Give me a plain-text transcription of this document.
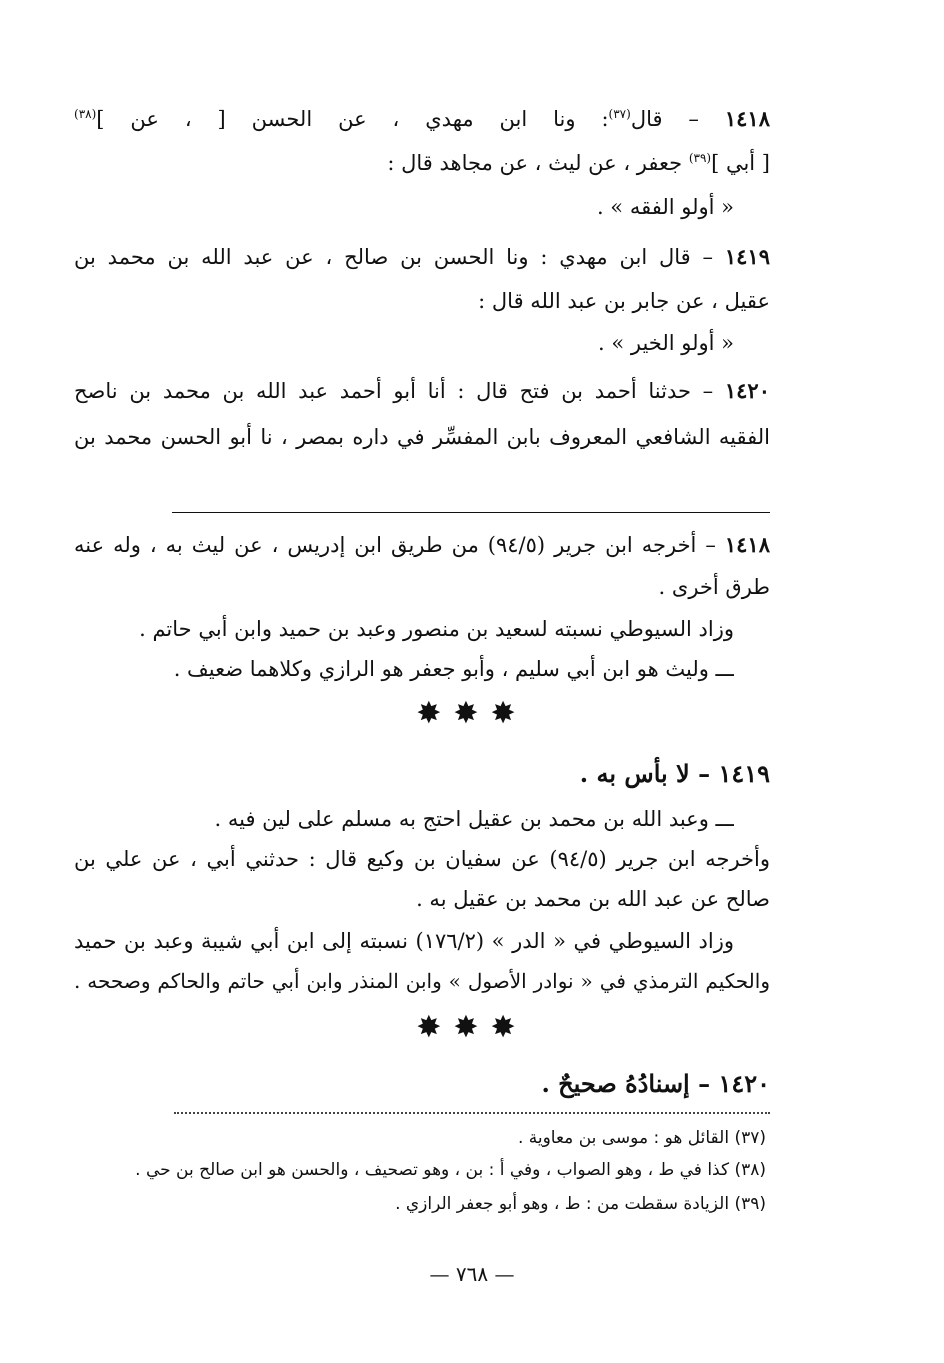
١٤١٨ – قال$^{(٣٧)}$: ونا ابن مهدي ، عن الحسن [ ، عن ]$^{(٣٨)}$
[ أبي ]$^{(٣٩)}$ جعفر ، عن ليث ، عن مجاهد قال :
« أولو الفقه » .
١٤١٩ – قال ابن مهدي : ونا الحسن بن صالح ، عن عبد الله بن محمد بن
عقيل ، عن جابر بن عبد الله قال :
« أولو الخير » .
١٤٢٠ – حدثنا أحمد بن فتح قال : أنا أبو أحمد عبد الله بن محمد بن ناصح
الفقيه الشافعي المعروف بابن المفسِّر في داره بمصر ، نا أبو الحسن محمد بن
١٤١٨ – أخرجه ابن جرير (٩٤/٥) من طريق ابن إدريس ، عن ليث به ، وله عنه
طرق أخرى .
وزاد السيوطي نسبته لسعيد بن منصور وعبد بن حميد وابن أبي حاتم .
ـــ وليث هو ابن أبي سليم ، وأبو جعفر هو الرازي وكلاهما ضعيف .
✸✸✸
١٤١٩ – لا بأس به .
ـــ وعبد الله بن محمد بن عقيل احتج به مسلم على لين فيه .
وأخرجه ابن جرير (٩٤/٥) عن سفيان بن وكيع قال : حدثني أبي ، عن علي بن
صالح عن عبد الله بن محمد بن عقيل به .
وزاد السيوطي في « الدر » (١٧٦/٢) نسبته إلى ابن أبي شيبة وعبد بن حميد
والحكيم الترمذي في « نوادر الأصول » وابن المنذر وابن أبي حاتم والحاكم وصححه .
✸✸✸
١٤٢٠ – إسنادُهُ صحيحٌ .
(٣٧) القائل هو : موسى بن معاوية .
(٣٨) كذا في ط ، وهو الصواب ، وفي أ : بن ، وهو تصحيف ، والحسن هو ابن صالح بن حي .
(٣٩) الزيادة سقطت من : ط ، وهو أبو جعفر الرازي .
— ٧٦٨ —
